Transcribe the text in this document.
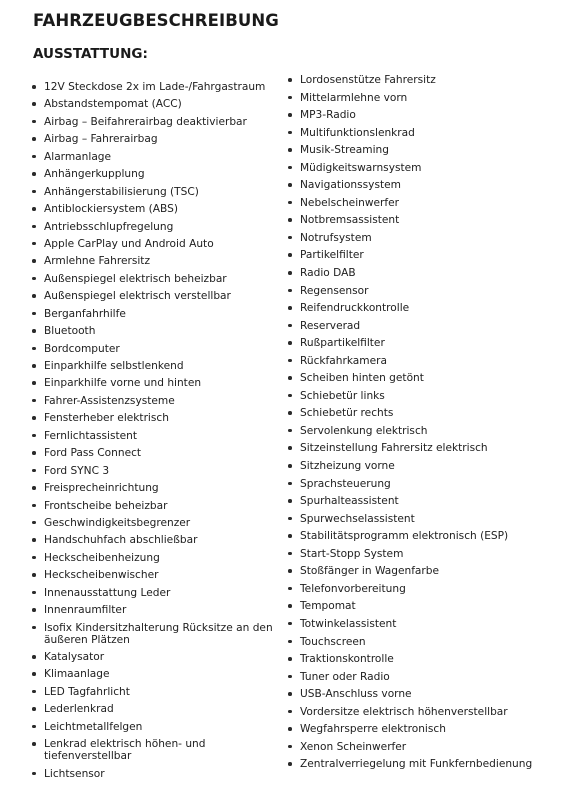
FAHRZEUGBESCHREIBUNG
AUSSTATTUNG:
12V Steckdose 2x im Lade-/Fahrgastraum
Abstandstempomat (ACC)
Airbag – Beifahrerairbag deaktivierbar
Airbag – Fahrerairbag
Alarmanlage
Anhängerkupplung
Anhängerstabilisierung (TSC)
Antiblockiersystem (ABS)
Antriebsschlupfregelung
Apple CarPlay und Android Auto
Armlehne Fahrersitz
Außenspiegel elektrisch beheizbar
Außenspiegel elektrisch verstellbar
Berganfahrhilfe
Bluetooth
Bordcomputer
Einparkhilfe selbstlenkend
Einparkhilfe vorne und hinten
Fahrer-Assistenzsysteme
Fensterheber elektrisch
Fernlichtassistent
Ford Pass Connect
Ford SYNC 3
Freisprecheinrichtung
Frontscheibe beheizbar
Geschwindigkeitsbegrenzer
Handschuhfach abschließbar
Heckscheibenheizung
Heckscheibenwischer
Innenausstattung Leder
Innenraumfilter
Isofix Kindersitzhalterung Rücksitze an den äußeren Plätzen
Katalysator
Klimaanlage
LED Tagfahrlicht
Lederlenkrad
Leichtmetallfelgen
Lenkrad elektrisch höhen- und tiefenverstellbar
Lichtsensor
Lordosenstütze Fahrersitz
Mittelarmlehne vorn
MP3-Radio
Multifunktionslenkrad
Musik-Streaming
Müdigkeitswarnsystem
Navigationssystem
Nebelscheinwerfer
Notbremsassistent
Notrufsystem
Partikelfilter
Radio DAB
Regensensor
Reifendruckkontrolle
Reserverad
Rußpartikelfilter
Rückfahrkamera
Scheiben hinten getönt
Schiebetür links
Schiebetür rechts
Servolenkung elektrisch
Sitzeinstellung Fahrersitz elektrisch
Sitzheizung vorne
Sprachsteuerung
Spurhalteassistent
Spurwechselassistent
Stabilitätsprogramm elektronisch (ESP)
Start-Stopp System
Stoßfänger in Wagenfarbe
Telefonvorbereitung
Tempomat
Totwinkelassistent
Touchscreen
Traktionskontrolle
Tuner oder Radio
USB-Anschluss vorne
Vordersitze elektrisch höhenverstellbar
Wegfahrsperre elektronisch
Xenon Scheinwerfer
Zentralverriegelung mit Funkfernbedienung
